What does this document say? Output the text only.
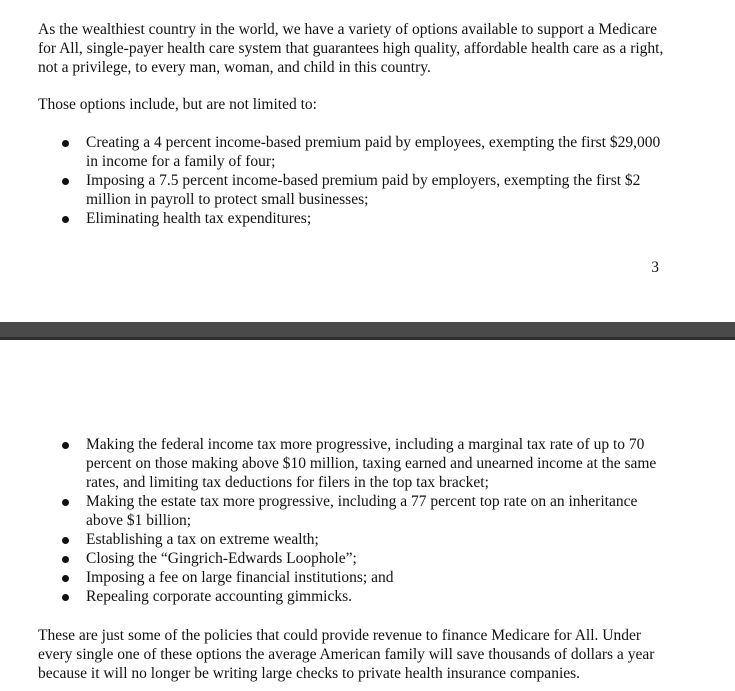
As the wealthiest country in the world, we have a variety of options available to support a Medicare for All, single-payer health care system that guarantees high quality, affordable health care as a right, not a privilege, to every man, woman, and child in this country.

Those options include, but are not limited to:

Creating a 4 percent income-based premium paid by employees, exempting the first $29,000 in income for a family of four;
Imposing a 7.5 percent income-based premium paid by employers, exempting the first $2 million in payroll to protect small businesses;
Eliminating health tax expenditures;
3
Making the federal income tax more progressive, including a marginal tax rate of up to 70 percent on those making above $10 million, taxing earned and unearned income at the same rates, and limiting tax deductions for filers in the top tax bracket;
Making the estate tax more progressive, including a 77 percent top rate on an inheritance above $1 billion;
Establishing a tax on extreme wealth;
Closing the “Gingrich-Edwards Loophole”;
Imposing a fee on large financial institutions; and
Repealing corporate accounting gimmicks.

These are just some of the policies that could provide revenue to finance Medicare for All. Under every single one of these options the average American family will save thousands of dollars a year because it will no longer be writing large checks to private health insurance companies.
